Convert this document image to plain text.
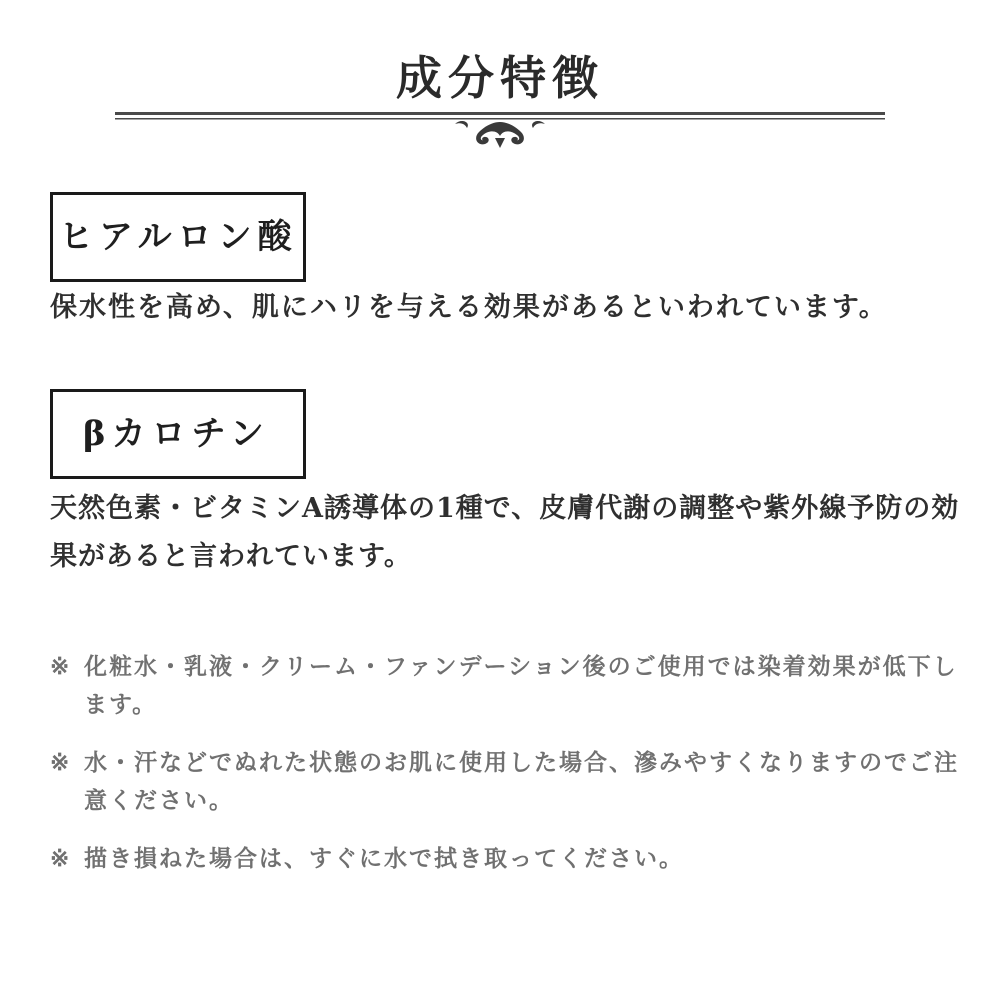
成分特徴
ヒアルロン酸

保水性を高め、肌にハリを与える効果があるといわれています。

βカロチン

天然色素・ビタミンA誘導体の1種で、皮膚代謝の調整や紫外線予防の効果があると言われています。

※ 化粧水・乳液・クリーム・ファンデーション後のご使用では染着効果が低下します。
※ 水・汗などでぬれた状態のお肌に使用した場合、滲みやすくなりますのでご注意ください。
※ 描き損ねた場合は、すぐに水で拭き取ってください。
